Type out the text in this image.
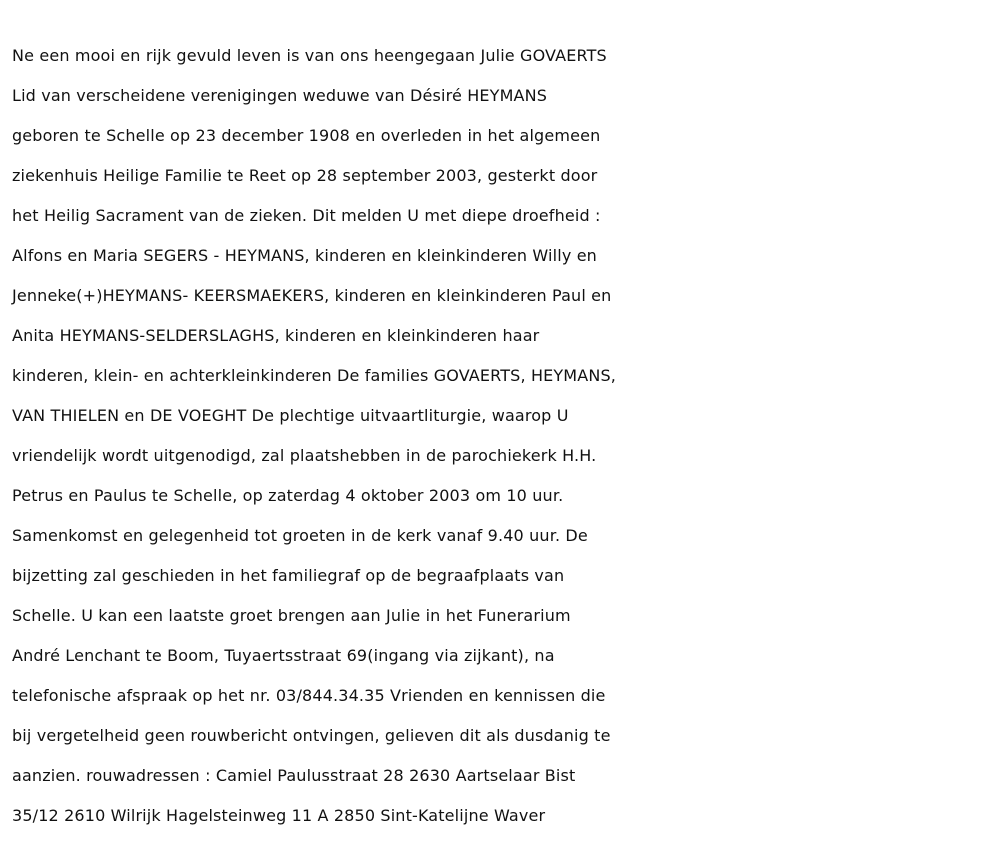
Ne een mooi en rijk gevuld leven is van ons heengegaan Julie GOVAERTS
Lid van verscheidene verenigingen weduwe van Désiré HEYMANS
geboren te Schelle op 23 december 1908 en overleden in het algemeen
ziekenhuis Heilige Familie te Reet op 28 september 2003, gesterkt door
het Heilig Sacrament van de zieken. Dit melden U met diepe droefheid :
Alfons en Maria SEGERS - HEYMANS, kinderen en kleinkinderen Willy en
Jenneke(+)HEYMANS- KEERSMAEKERS, kinderen en kleinkinderen Paul en
Anita HEYMANS-SELDERSLAGHS, kinderen en kleinkinderen haar
kinderen, klein- en achterkleinkinderen De families GOVAERTS, HEYMANS,
VAN THIELEN en DE VOEGHT De plechtige uitvaartliturgie, waarop U
vriendelijk wordt uitgenodigd, zal plaatshebben in de parochiekerk H.H.
Petrus en Paulus te Schelle, op zaterdag 4 oktober 2003 om 10 uur.
Samenkomst en gelegenheid tot groeten in de kerk vanaf 9.40 uur. De
bijzetting zal geschieden in het familiegraf op de begraafplaats van
Schelle. U kan een laatste groet brengen aan Julie in het Funerarium
André Lenchant te Boom, Tuyaertsstraat 69(ingang via zijkant), na
telefonische afspraak op het nr. 03/844.34.35 Vrienden en kennissen die
bij vergetelheid geen rouwbericht ontvingen, gelieven dit als dusdanig te
aanzien. rouwadressen : Camiel Paulusstraat 28 2630 Aartselaar Bist
35/12 2610 Wilrijk Hagelsteinweg 11 A 2850 Sint-Katelijne Waver
